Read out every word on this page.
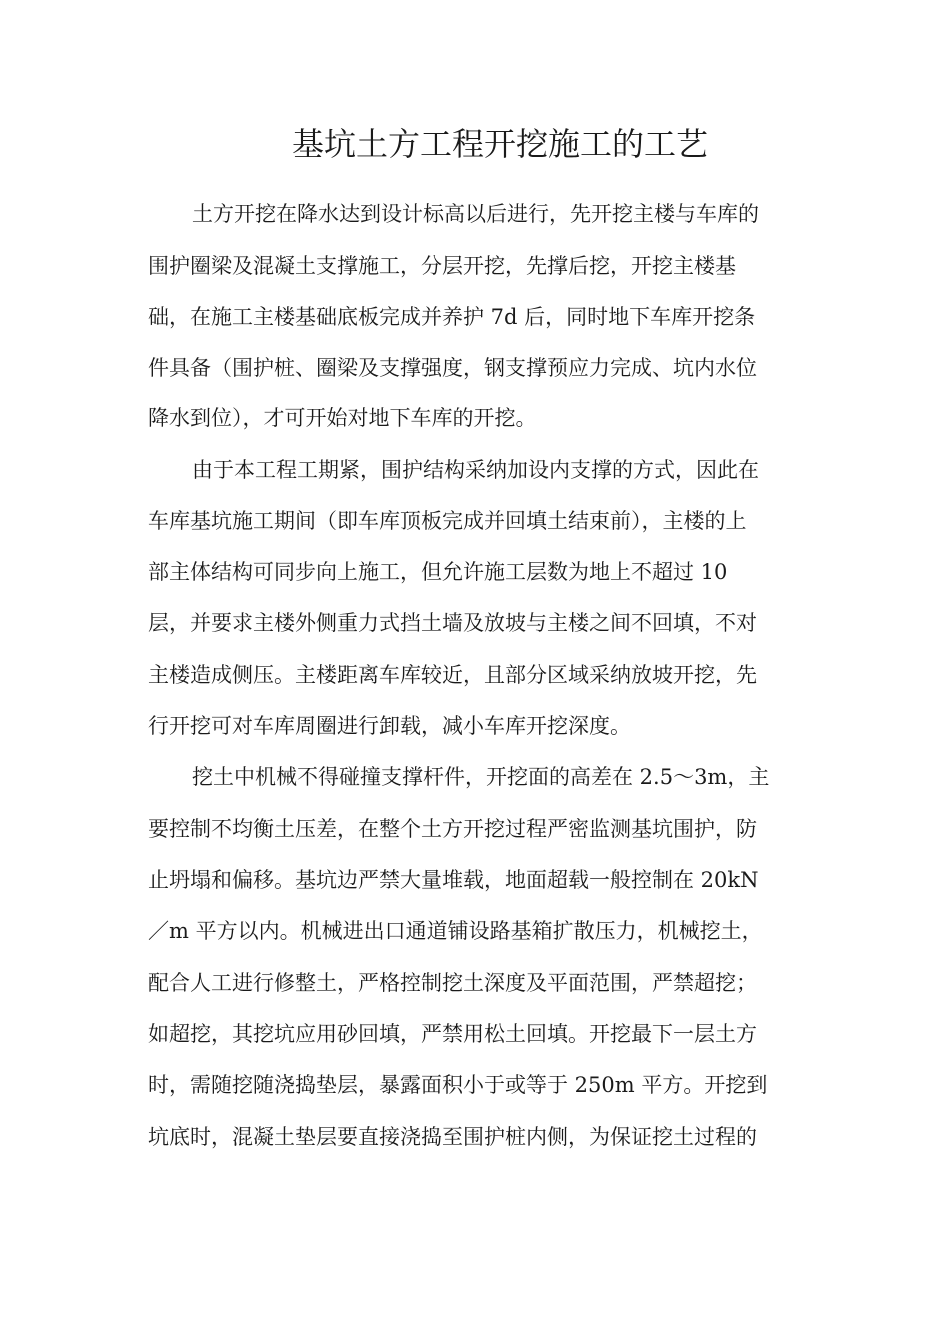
基坑土方工程开挖施工的工艺
土方开挖在降水达到设计标高以后进行，先开挖主楼与车库的
围护圈梁及混凝土支撑施工，分层开挖，先撑后挖，开挖主楼基
础，在施工主楼基础底板完成并养护 7d 后，同时地下车库开挖条
件具备（围护桩、圈梁及支撑强度，钢支撑预应力完成、坑内水位
降水到位），才可开始对地下车库的开挖。
由于本工程工期紧，围护结构采纳加设内支撑的方式，因此在
车库基坑施工期间（即车库顶板完成并回填土结束前），主楼的上
部主体结构可同步向上施工，但允许施工层数为地上不超过 10
层，并要求主楼外侧重力式挡土墙及放坡与主楼之间不回填，不对
主楼造成侧压。主楼距离车库较近，且部分区域采纳放坡开挖，先
行开挖可对车库周圈进行卸载，减小车库开挖深度。
挖土中机械不得碰撞支撑杆件，开挖面的高差在 2.5～3m，主
要控制不均衡土压差，在整个土方开挖过程严密监测基坑围护，防
止坍塌和偏移。基坑边严禁大量堆载，地面超载一般控制在 20kN
／m 平方以内。机械进出口通道铺设路基箱扩散压力，机械挖土，
配合人工进行修整土，严格控制挖土深度及平面范围，严禁超挖；
如超挖，其挖坑应用砂回填，严禁用松土回填。开挖最下一层土方
时，需随挖随浇捣垫层，暴露面积小于或等于 250m 平方。开挖到
坑底时，混凝土垫层要直接浇捣至围护桩内侧，为保证挖土过程的
